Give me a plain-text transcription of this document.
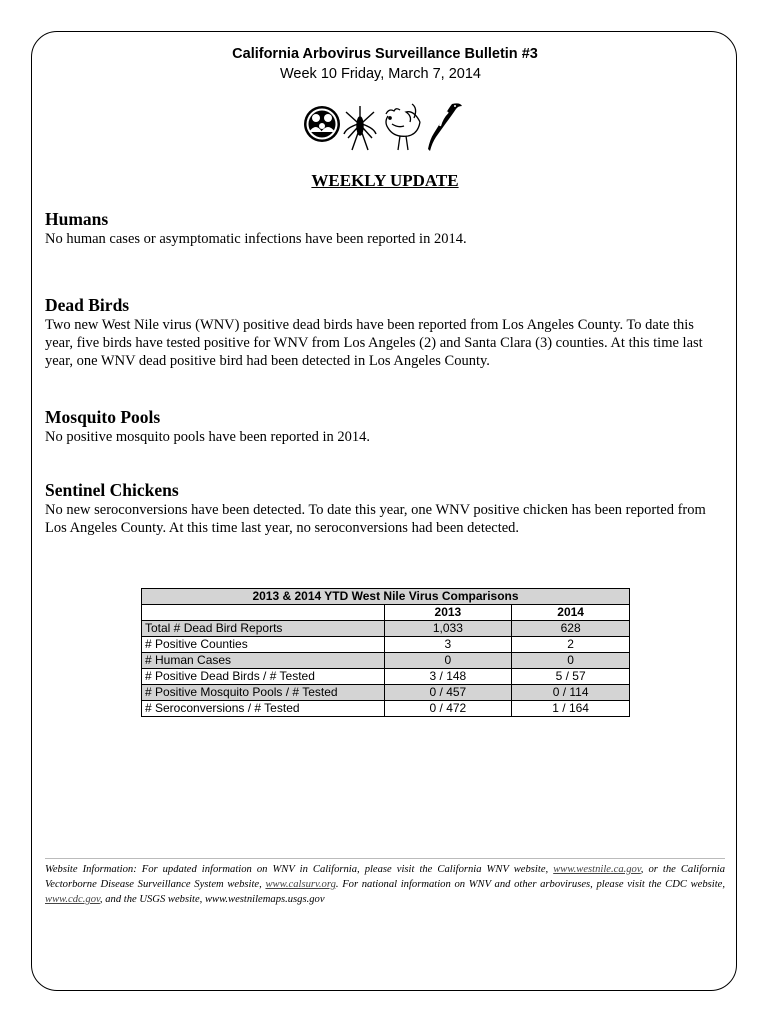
California Arbovirus Surveillance Bulletin #3
Week 10 Friday, March 7, 2014
WEEKLY UPDATE
Humans

No human cases or asymptomatic infections have been reported in 2014.

Dead Birds

Two new West Nile virus (WNV) positive dead birds have been reported from Los Angeles County. To date this year, five birds have tested positive for WNV from Los Angeles (2) and Santa Clara (3) counties. At this time last year, one WNV dead positive bird had been detected in Los Angeles County.

Mosquito Pools

No positive mosquito pools have been reported in 2014.

Sentinel Chickens

No new seroconversions have been detected. To date this year, one WNV positive chicken has been reported from Los Angeles County. At this time last year, no seroconversions had been detected.

2013 & 2014 YTD West Nile Virus Comparisons		
	2013	2014
Total # Dead Bird Reports	1,033	628
# Positive Counties	3	2
# Human Cases	0	0
# Positive Dead Birds / # Tested	3 / 148	5 / 57
# Positive Mosquito Pools / # Tested	0 / 457	0 / 114
# Seroconversions / # Tested	0 / 472	1 / 164
Website Information: For updated information on WNV in California, please visit the California WNV website, www.westnile.ca.gov, or the California Vectorborne Disease Surveillance System website, www.calsurv.org. For national information on WNV and other arboviruses, please visit the CDC website, www.cdc.gov, and the USGS website, www.westnilemaps.usgs.gov
